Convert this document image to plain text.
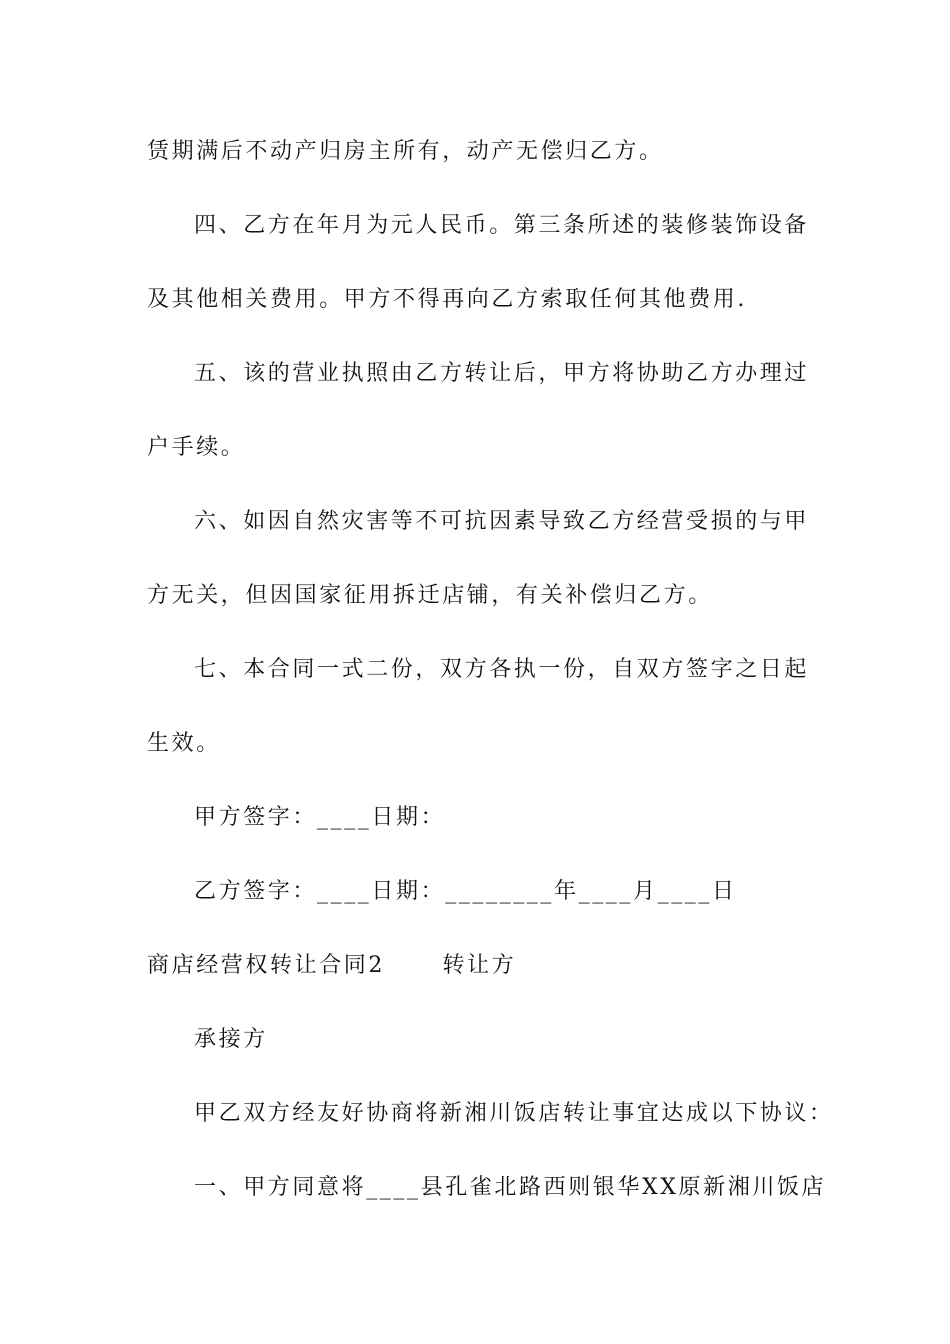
赁期满后不动产归房主所有，动产无偿归乙方。
四、乙方在年月为元人民币。第三条所述的装修装饰设备
及其他相关费用。甲方不得再向乙方索取任何其他费用.
五、该的营业执照由乙方转让后，甲方将协助乙方办理过
户手续。
六、如因自然灾害等不可抗因素导致乙方经营受损的与甲
方无关，但因国家征用拆迁店铺，有关补偿归乙方。
七、本合同一式二份，双方各执一份，自双方签字之日起
生效。
甲方签字：____日期：
乙方签字：____日期：________年____月____日
商店经营权转让合同2      转让方
承接方
甲乙双方经友好协商将新湘川饭店转让事宜达成以下协议：
一、甲方同意将____县孔雀北路西则银华XX原新湘川饭店
